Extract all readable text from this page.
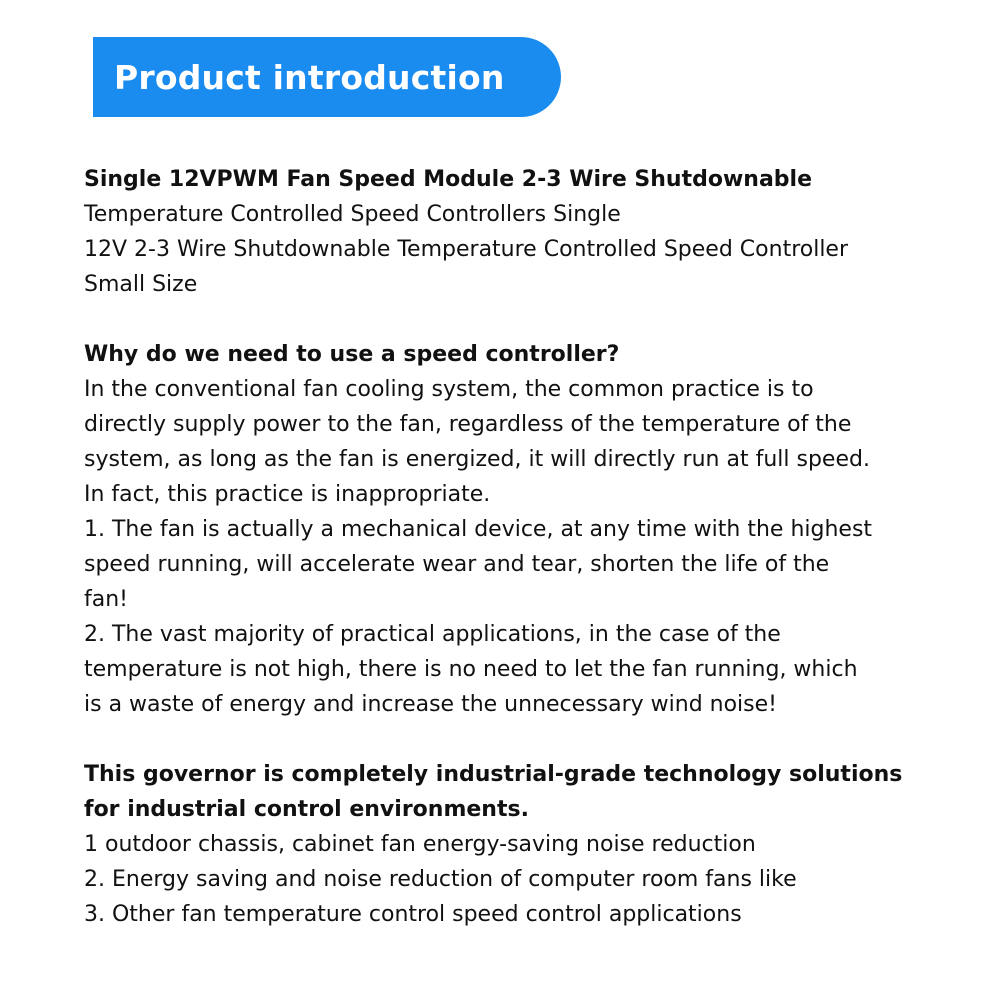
Product introduction
Single 12VPWM Fan Speed Module 2-3 Wire Shutdownable
Temperature Controlled Speed Controllers Single
12V 2-3 Wire Shutdownable Temperature Controlled Speed Controller
Small Size
Why do we need to use a speed controller?
In the conventional fan cooling system, the common practice is to
directly supply power to the fan, regardless of the temperature of the
system, as long as the fan is energized, it will directly run at full speed.
In fact, this practice is inappropriate.
1. The fan is actually a mechanical device, at any time with the highest
speed running, will accelerate wear and tear, shorten the life of the
fan!
2. The vast majority of practical applications, in the case of the
temperature is not high, there is no need to let the fan running, which
is a waste of energy and increase the unnecessary wind noise!
This governor is completely industrial-grade technology solutions
for industrial control environments.
1 outdoor chassis, cabinet fan energy-saving noise reduction
2. Energy saving and noise reduction of computer room fans like
3. Other fan temperature control speed control applications
